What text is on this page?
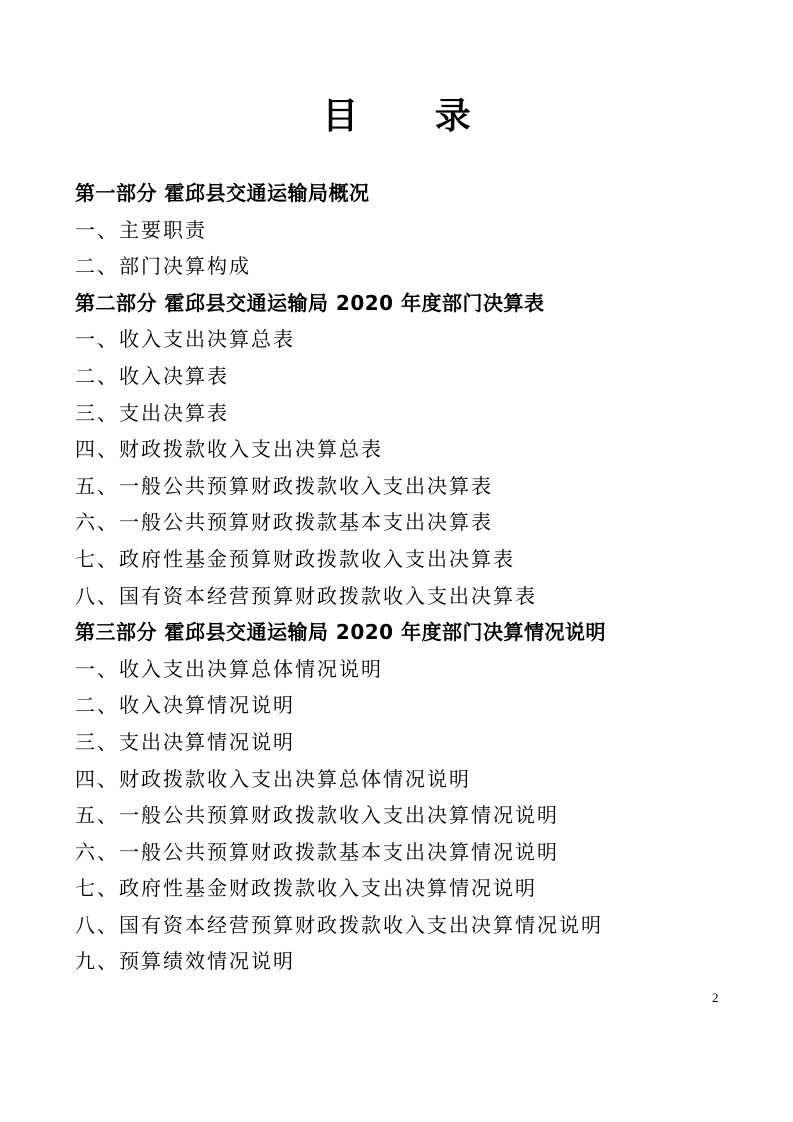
目 录
第一部分 霍邱县交通运输局概况
一、主要职责
二、部门决算构成
第二部分 霍邱县交通运输局 2020 年度部门决算表
一、收入支出决算总表
二、收入决算表
三、支出决算表
四、财政拨款收入支出决算总表
五、一般公共预算财政拨款收入支出决算表
六、一般公共预算财政拨款基本支出决算表
七、政府性基金预算财政拨款收入支出决算表
八、国有资本经营预算财政拨款收入支出决算表
第三部分 霍邱县交通运输局 2020 年度部门决算情况说明
一、收入支出决算总体情况说明
二、收入决算情况说明
三、支出决算情况说明
四、财政拨款收入支出决算总体情况说明
五、一般公共预算财政拨款收入支出决算情况说明
六、一般公共预算财政拨款基本支出决算情况说明
七、政府性基金财政拨款收入支出决算情况说明
八、国有资本经营预算财政拨款收入支出决算情况说明
九、预算绩效情况说明
2
